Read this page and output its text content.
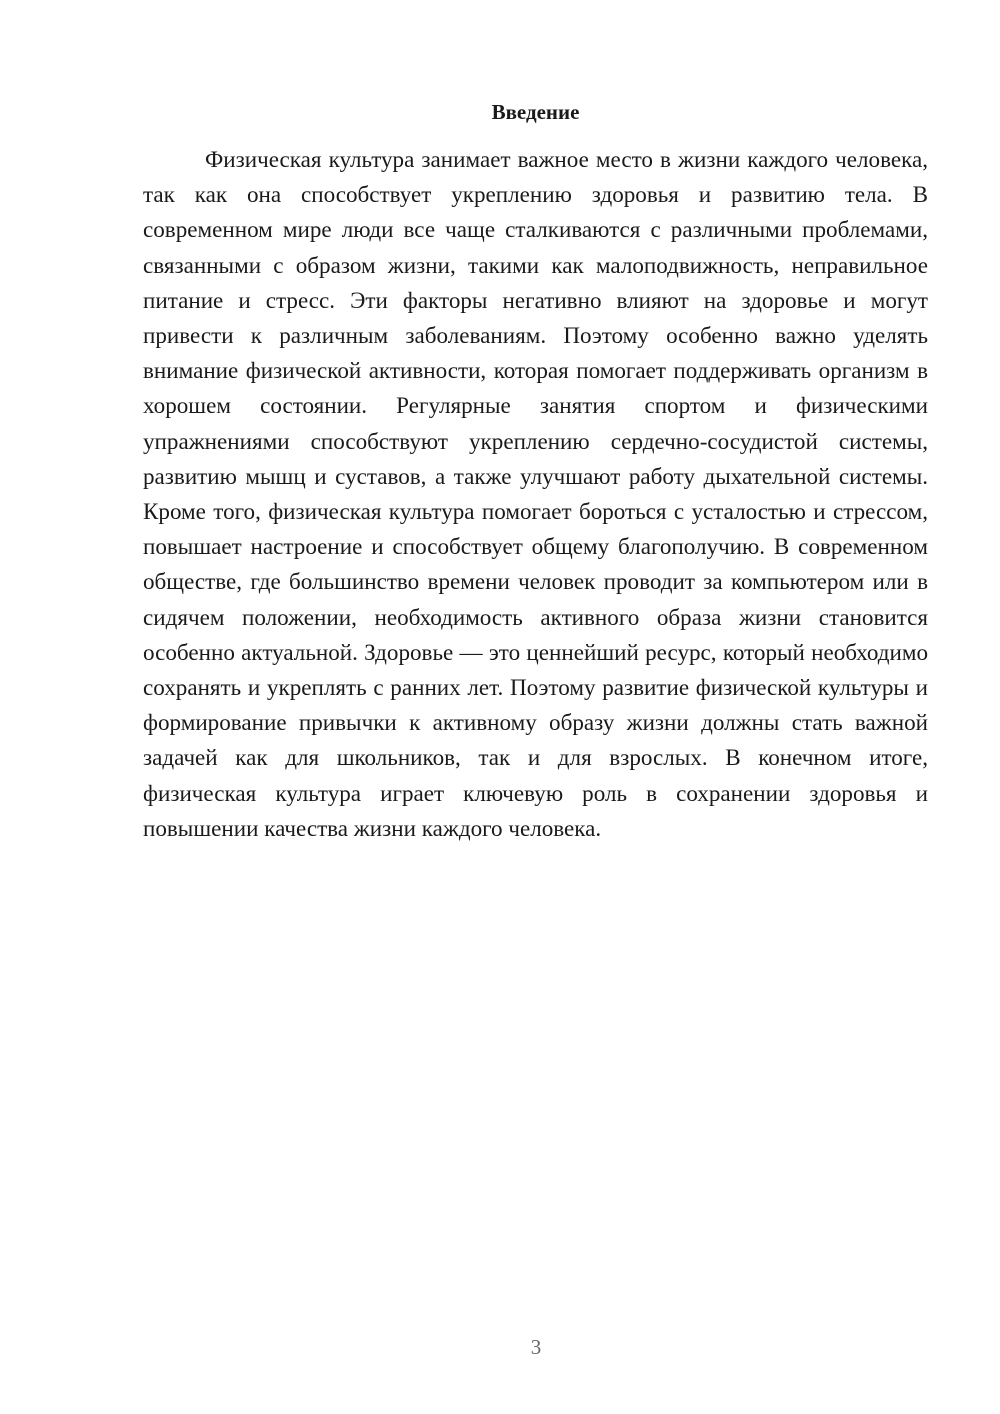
Введение

Физическая культура занимает важное место в жизни каждого человека, так как она способствует укреплению здоровья и развитию тела. В современном мире люди все чаще сталкиваются с различными проблемами, связанными с образом жизни, такими как малоподвижность, неправильное питание и стресс. Эти факторы негативно влияют на здоровье и могут привести к различным заболеваниям. Поэтому особенно важно уделять внимание физической активности, которая помогает поддерживать организм в хорошем состоянии. Регулярные занятия спортом и физическими упражнениями способствуют укреплению сердечно-сосудистой системы, развитию мышц и суставов, а также улучшают работу дыхательной системы. Кроме того, физическая культура помогает бороться с усталостью и стрессом, повышает настроение и способствует общему благополучию. В современном обществе, где большинство времени человек проводит за компьютером или в сидячем положении, необходимость активного образа жизни становится особенно актуальной. Здоровье — это ценнейший ресурс, который необходимо сохранять и укреплять с ранних лет. Поэтому развитие физической культуры и формирование привычки к активному образу жизни должны стать важной задачей как для школьников, так и для взрослых. В конечном итоге, физическая культура играет ключевую роль в сохранении здоровья и повышении качества жизни каждого человека.

3
